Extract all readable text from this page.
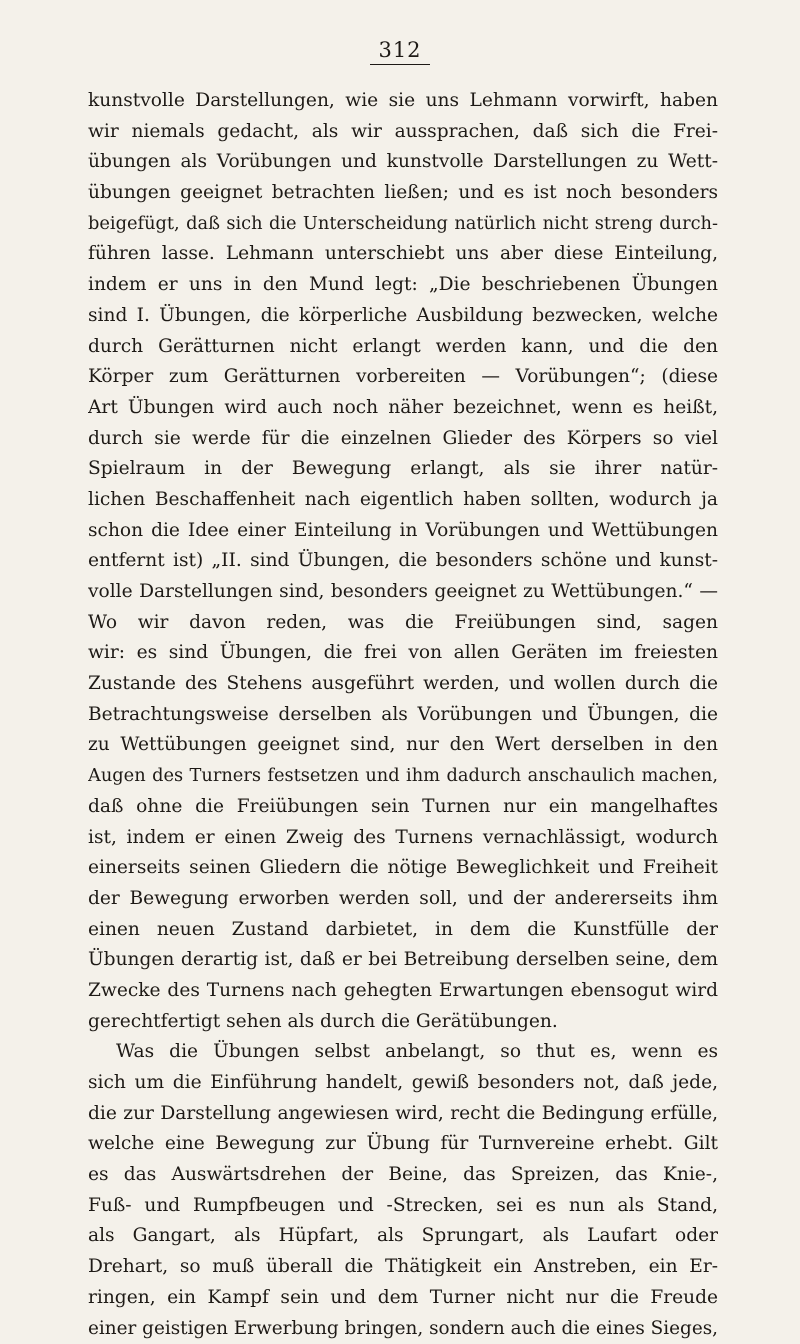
312
kunstvolle Darstellungen, wie sie uns Lehmann vorwirft, haben
wir niemals gedacht, als wir aussprachen, daß sich die Frei-
übungen als Vorübungen und kunstvolle Darstellungen zu Wett-
übungen geeignet betrachten ließen; und es ist noch besonders
beigefügt, daß sich die Unterscheidung natürlich nicht streng durch-
führen lasse. Lehmann unterschiebt uns aber diese Einteilung,
indem er uns in den Mund legt: „Die beschriebenen Übungen
sind I. Übungen, die körperliche Ausbildung bezwecken, welche
durch Gerätturnen nicht erlangt werden kann, und die den
Körper zum Gerätturnen vorbereiten — Vorübungen“; (diese
Art Übungen wird auch noch näher bezeichnet, wenn es heißt,
durch sie werde für die einzelnen Glieder des Körpers so viel
Spielraum in der Bewegung erlangt, als sie ihrer natür-
lichen Beschaffenheit nach eigentlich haben sollten, wodurch ja
schon die Idee einer Einteilung in Vorübungen und Wettübungen
entfernt ist) „II. sind Übungen, die besonders schöne und kunst-
volle Darstellungen sind, besonders geeignet zu Wettübungen.“ —
Wo wir davon reden, was die Freiübungen sind, sagen
wir: es sind Übungen, die frei von allen Geräten im freiesten
Zustande des Stehens ausgeführt werden, und wollen durch die
Betrachtungsweise derselben als Vorübungen und Übungen, die
zu Wettübungen geeignet sind, nur den Wert derselben in den
Augen des Turners festsetzen und ihm dadurch anschaulich machen,
daß ohne die Freiübungen sein Turnen nur ein mangelhaftes
ist, indem er einen Zweig des Turnens vernachlässigt, wodurch
einerseits seinen Gliedern die nötige Beweglichkeit und Freiheit
der Bewegung erworben werden soll, und der andererseits ihm
einen neuen Zustand darbietet, in dem die Kunstfülle der
Übungen derartig ist, daß er bei Betreibung derselben seine, dem
Zwecke des Turnens nach gehegten Erwartungen ebensogut wird
gerechtfertigt sehen als durch die Gerätübungen.
Was die Übungen selbst anbelangt, so thut es, wenn es
sich um die Einführung handelt, gewiß besonders not, daß jede,
die zur Darstellung angewiesen wird, recht die Bedingung erfülle,
welche eine Bewegung zur Übung für Turnvereine erhebt. Gilt
es das Auswärtsdrehen der Beine, das Spreizen, das Knie-,
Fuß- und Rumpfbeugen und -Strecken, sei es nun als Stand,
als Gangart, als Hüpfart, als Sprungart, als Laufart oder
Drehart, so muß überall die Thätigkeit ein Anstreben, ein Er-
ringen, ein Kampf sein und dem Turner nicht nur die Freude
einer geistigen Erwerbung bringen, sondern auch die eines Sieges,
